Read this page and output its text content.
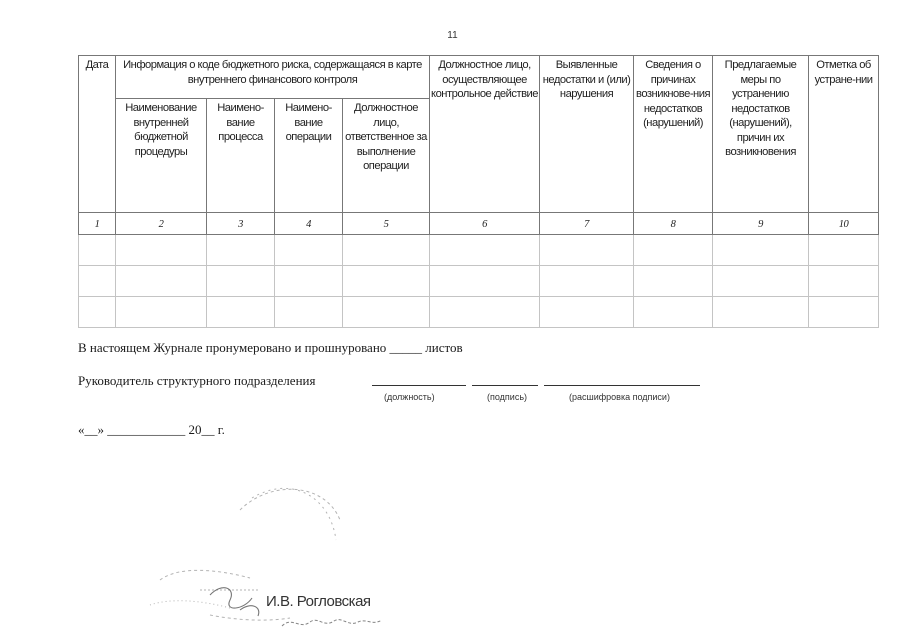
11
Дата	Информация о коде бюджетного риска, содержащаяся в карте внутреннего финансового контроля				Должностное лицо, осуществляющее контрольное действие	Выявленные недостатки и (или) нарушения	Сведения о причинах возникнове-ния недостатков (нарушений)	Предлагаемые меры по устранению недостатков (нарушений), причин их возникновения	Отметка об устране-нии
	Наименование внутренней бюджетной процедуры	Наимено-вание процесса	Наимено-вание операции	Должностное лицо, ответственное за выполнение операции					
1	2	3	4	5	6	7	8	9	10

В настоящем Журнале пронумеровано и прошнуровано _____ листов
Руководитель структурного подразделения
(должность)	(подпись)	(расшифровка подписи)
«__» ____________ 20__ г.
И.В. Рогловская
